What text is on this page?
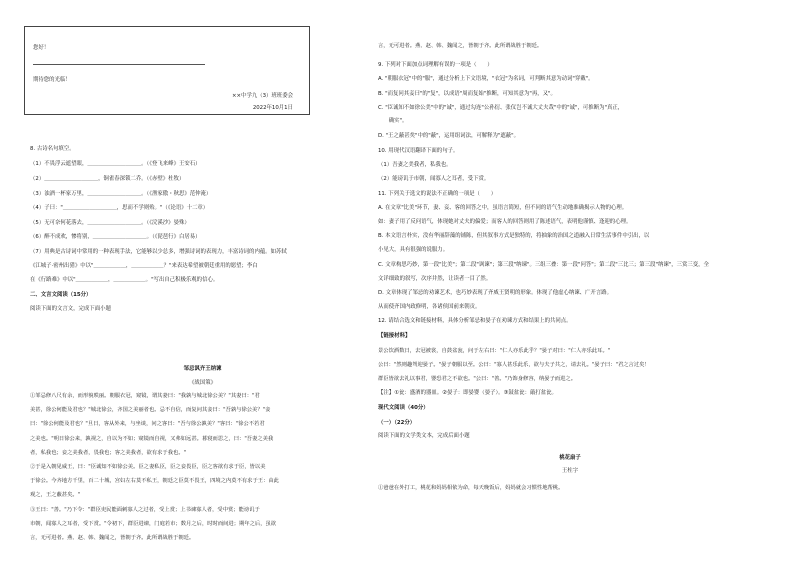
您好！
期待您的光临！
××中学九（3）班班委会
2022年10月1日
8. 古诗名句填空。
（1）不畏浮云遮望眼，＿＿＿＿＿＿＿＿＿＿。（《登飞来峰》王安石）
（2）＿＿＿＿＿＿＿＿＿＿，铜雀春深锁二乔。（《赤壁》杜牧）
（3）浊酒一杯家万里，＿＿＿＿＿＿＿＿＿＿。（《渔家傲・秋思》范仲淹）
（4）子曰："＿＿＿＿＿＿＿＿＿＿，思而不学则殆。"（《论语》十二章）
（5）无可奈何花落去，＿＿＿＿＿＿＿＿＿＿。（《浣溪沙》晏殊）
（6）醉不成欢，惨将别，＿＿＿＿＿＿＿＿＿＿。（《琵琶行》白居易）
（7）用典是古诗词中常用的一种表现手法，它能够以少总多，增强诗词的表现力，丰富诗词的内蕴。如苏轼
《江城子·密州出猎》中以"＿＿＿＿＿＿，＿＿＿＿＿＿？"来表达希望被朝廷重用的愿望；李白
在《行路难》中以"＿＿＿＿＿＿，＿＿＿＿＿＿。"写出自己积极乐观的信心。
二、文言文阅读（15分）
阅读下面的文言文，完成下面小题
邹忌讽齐王纳谏
《战国策》
①邹忌修八尺有余，而形貌昳丽。朝服衣冠，窥镜，谓其妻曰："我孰与城北徐公美？"其妻曰："君
美甚，徐公何能及君也？"城北徐公，齐国之美丽者也。忌不自信，而复问其妾曰："吾孰与徐公美？"妾
曰："徐公何能及君也？"旦日，客从外来，与坐谈，问之客曰："吾与徐公孰美？"客曰："徐公不若君
之美也。"明日徐公来，孰视之，自以为不如；窥镜而自视，又弗如远甚。暮寝而思之，曰："吾妻之美我
者，私我也；妾之美我者，畏我也；客之美我者，欲有求于我也。"
②于是入朝见威王，曰："臣诚知不如徐公美。臣之妻私臣，臣之妾畏臣，臣之客欲有求于臣，皆以美
于徐公。今齐地方千里，百二十城，宫妇左右莫不私王，朝廷之臣莫不畏王，四境之内莫不有求于王：由此
观之，王之蔽甚矣。"
③王曰："善。"乃下令："群臣吏民能面刺寡人之过者，受上赏；上书谏寡人者，受中赏；能谤讥于
市朝，闻寡人之耳者，受下赏。"令初下，群臣进谏，门庭若市；数月之后，时时而间进；期年之后，虽欲
言，无可进者。燕、赵、韩、魏闻之，皆朝于齐。此所谓战胜于朝廷。
言，无可进者。燕、赵、韩、魏闻之，皆朝于齐。此所谓战胜于朝廷。
9. 下列对下面加点词理解有误的一项是（　　）
A. "朝服衣冠"中的"服"，通过分析上下文语境，"衣冠"为名词，可判断其意为动词"穿戴"。
B. "而复问其妾曰"的"复"，以成语"周而复始"推断，可知其意为"再，又"。
C. "臣诚知不如徐公美"中的"诚"，通过勾连"公孙衍、张仪岂不诚大丈夫哉"中的"诚"，可推断为"真正，
　　确实"。
D. "王之蔽甚矣"中的"蔽"，运用组词法，可解释为"遮蔽"。
10. 用现代汉语翻译下面的句子。
（1）吾妻之美我者，私我也。
（2）能谤讥于市朝，闻寡人之耳者，受下赏。
11. 下列关于选文的说法不正确的一项是（　　）
A. 在文章"比美"环节，妻、妾、客的回答之中，虽语言简短，但不同的语气生动地准确揭示人物的心理。
如：妻子用了反问语气，体现她对丈夫的偏爱；而客人的回答则用了陈述语气，表明他谨慎、逢迎的心理。
B. 本文语言朴实，没有华丽辞藻的铺陈，但其叙事方式是独特的，将抽象的治国之道融入日常生活事件中引出，以
小见大，具有很强的说服力。
C. 文章构思巧妙，第一段"比美"；第二段"讽谏"；第三段"纳谏"。三组三叠：第一段"问答"；第二段"三比三；第三段"纳谏"，三赏三变，全
文详细致的叙写，次序井然，让读者一目了然。
D. 文章体现了邹忌的劝谏艺术，也巧妙表现了齐威王贤明的形象。体现了他虚心纳谏、广开言路。
从而使齐国内政修明，各诸侯国前来朝贡。
12. 请结合选文和链接材料，具体分析邹忌和晏子在劝谏方式和结果上的共同点。
【链接材料】
景公饮酒数日，去冠被裳，自鼓盆瓮，问于左右曰："仁人亦乐此乎？"晏子对曰："仁人亦乐此耳。"
公曰："然则趣驾迎晏子。"晏子朝服以至。公曰："寡人甚乐此乐，欲与夫子共之，请去礼。"晏子曰："君之言过矣！
群臣皆欲去礼以事君，婴恐君之不欲也。"公曰："善。"乃饰身修容，纳晏子而进之。
【注】①瓮：盛酒的器皿。②晏子：即晏婴（晏子）。③鼓盆瓮：敲打盆瓮。
现代文阅读（40分）
（一）（22分）
阅读下面的文学类文本，完成后面小题
桃花扇子
王柱字
①爸爸在外打工，桃花和妈妈相依为命，每天晚饭后，妈妈就会习惯性地帮桃。
